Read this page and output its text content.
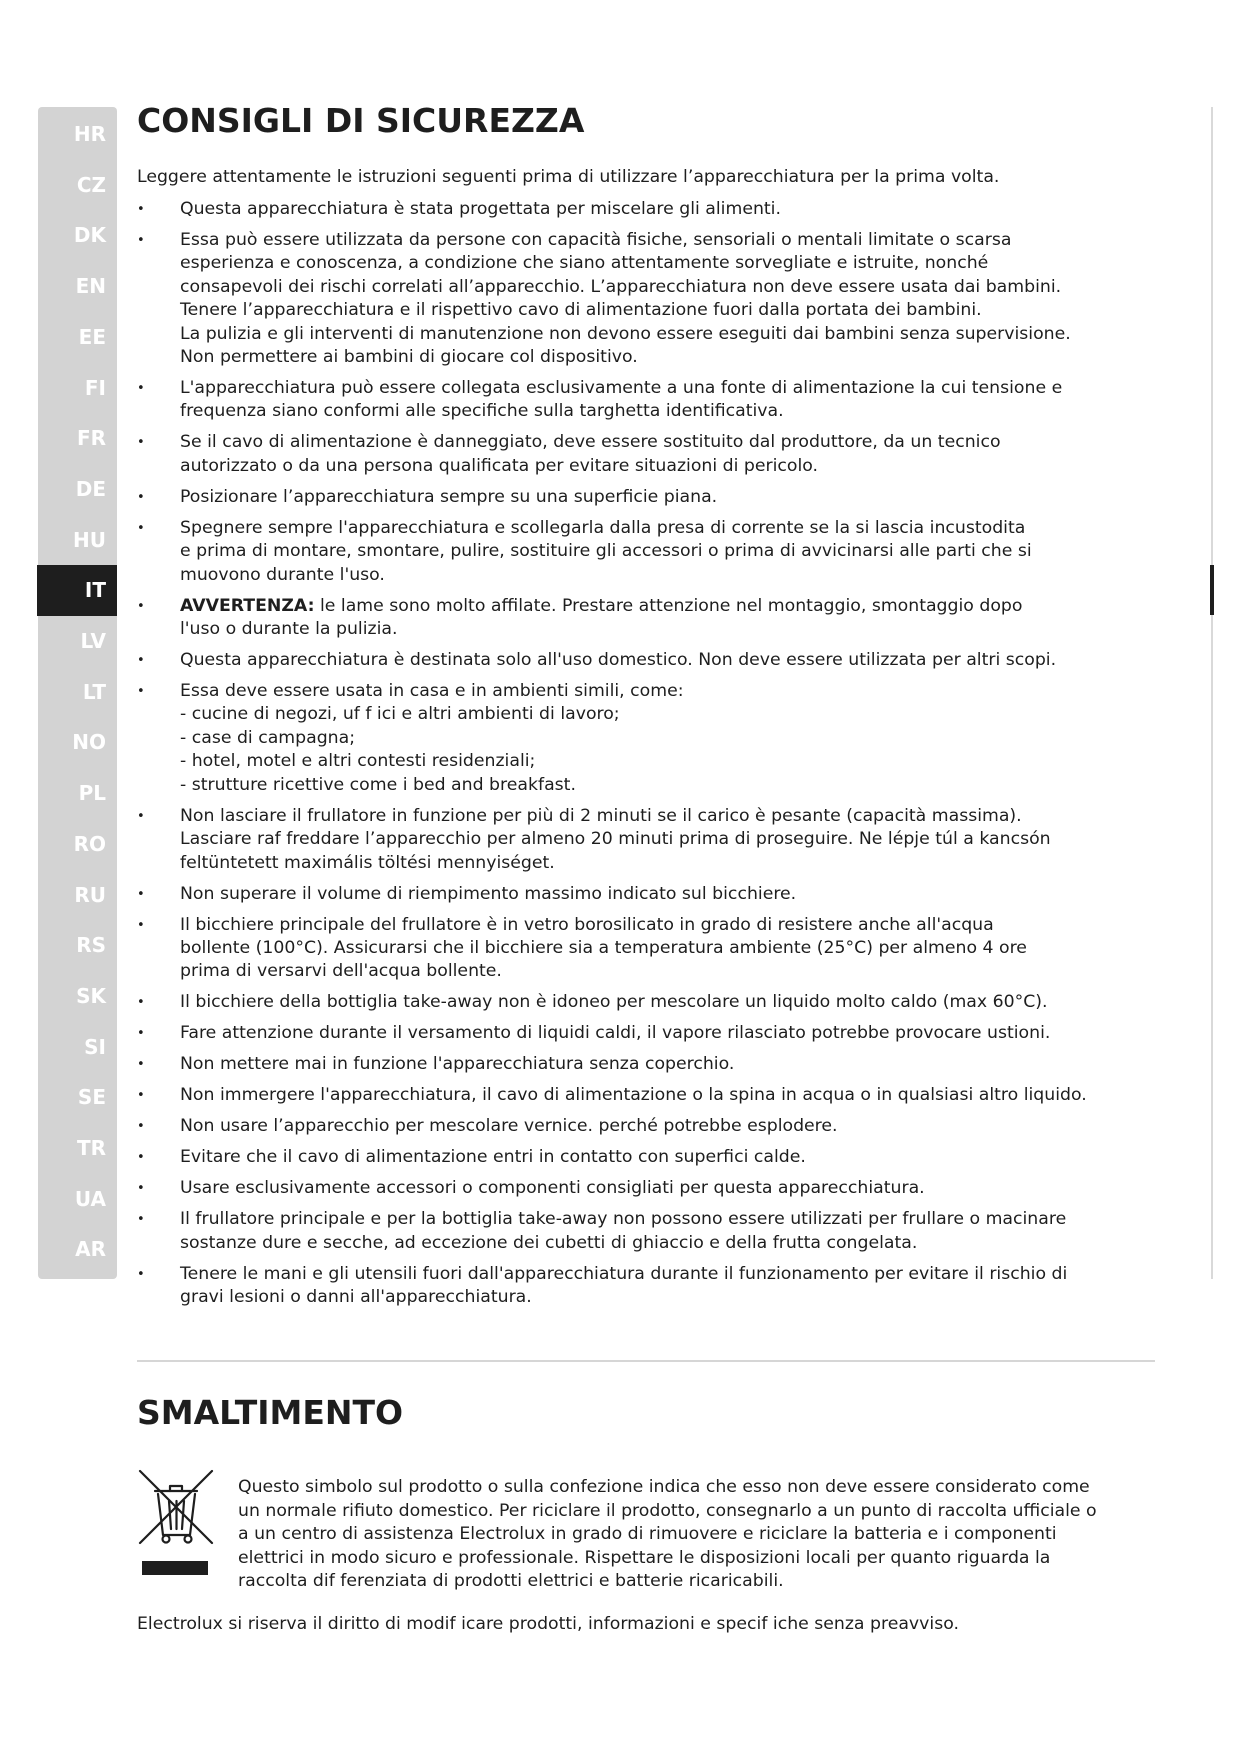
HR
CZ
DK
EN
EE
FI
FR
DE
HU
IT
LV
LT
NO
PL
RO
RU
RS
SK
SI
SE
TR
UA
AR
CONSIGLI DI SICUREZZA

Leggere attentamente le istruzioni seguenti prima di utilizzare l’apparecchiatura per la prima volta.

• Questa apparecchiatura è stata progettata per miscelare gli alimenti.
• Essa può essere utilizzata da persone con capacità fisiche, sensoriali o mentali limitate o scarsa
esperienza e conoscenza, a condizione che siano attentamente sorvegliate e istruite, nonché
consapevoli dei rischi correlati all’apparecchio. L’apparecchiatura non deve essere usata dai bambini.
Tenere l’apparecchiatura e il rispettivo cavo di alimentazione fuori dalla portata dei bambini.
La pulizia e gli interventi di manutenzione non devono essere eseguiti dai bambini senza supervisione.
Non permettere ai bambini di giocare col dispositivo.
• L'apparecchiatura può essere collegata esclusivamente a una fonte di alimentazione la cui tensione e
frequenza siano conformi alle specifiche sulla targhetta identificativa.
• Se il cavo di alimentazione è danneggiato, deve essere sostituito dal produttore, da un tecnico
autorizzato o da una persona qualificata per evitare situazioni di pericolo.
• Posizionare l’apparecchiatura sempre su una superficie piana.
• Spegnere sempre l'apparecchiatura e scollegarla dalla presa di corrente se la si lascia incustodita
e prima di montare, smontare, pulire, sostituire gli accessori o prima di avvicinarsi alle parti che si
muovono durante l'uso.
• AVVERTENZA: le lame sono molto affilate. Prestare attenzione nel montaggio, smontaggio dopo
l'uso o durante la pulizia.
• Questa apparecchiatura è destinata solo all'uso domestico. Non deve essere utilizzata per altri scopi.
• Essa deve essere usata in casa e in ambienti simili, come:
- cucine di negozi, uf f ici e altri ambienti di lavoro;
- case di campagna;
- hotel, motel e altri contesti residenziali;
- strutture ricettive come i bed and breakfast.
• Non lasciare il frullatore in funzione per più di 2 minuti se il carico è pesante (capacità massima).
Lasciare raf freddare l’apparecchio per almeno 20 minuti prima di proseguire. Ne lépje túl a kancsón
feltüntetett maximális töltési mennyiséget.
• Non superare il volume di riempimento massimo indicato sul bicchiere.
• Il bicchiere principale del frullatore è in vetro borosilicato in grado di resistere anche all'acqua
bollente (100°C). Assicurarsi che il bicchiere sia a temperatura ambiente (25°C) per almeno 4 ore
prima di versarvi dell'acqua bollente.
• Il bicchiere della bottiglia take-away non è idoneo per mescolare un liquido molto caldo (max 60°C).
• Fare attenzione durante il versamento di liquidi caldi, il vapore rilasciato potrebbe provocare ustioni.
• Non mettere mai in funzione l'apparecchiatura senza coperchio.
• Non immergere l'apparecchiatura, il cavo di alimentazione o la spina in acqua o in qualsiasi altro liquido.
• Non usare l’apparecchio per mescolare vernice. perché potrebbe esplodere.
• Evitare che il cavo di alimentazione entri in contatto con superfici calde.
• Usare esclusivamente accessori o componenti consigliati per questa apparecchiatura.
• Il frullatore principale e per la bottiglia take-away non possono essere utilizzati per frullare o macinare
sostanze dure e secche, ad eccezione dei cubetti di ghiaccio e della frutta congelata.
• Tenere le mani e gli utensili fuori dall'apparecchiatura durante il funzionamento per evitare il rischio di
gravi lesioni o danni all'apparecchiatura.
SMALTIMENTO

Questo simbolo sul prodotto o sulla confezione indica che esso non deve essere considerato come
un normale rifiuto domestico. Per riciclare il prodotto, consegnarlo a un punto di raccolta ufficiale o
a un centro di assistenza Electrolux in grado di rimuovere e riciclare la batteria e i componenti
elettrici in modo sicuro e professionale. Rispettare le disposizioni locali per quanto riguarda la
raccolta dif ferenziata di prodotti elettrici e batterie ricaricabili.

Electrolux si riserva il diritto di modif icare prodotti, informazioni e specif iche senza preavviso.
